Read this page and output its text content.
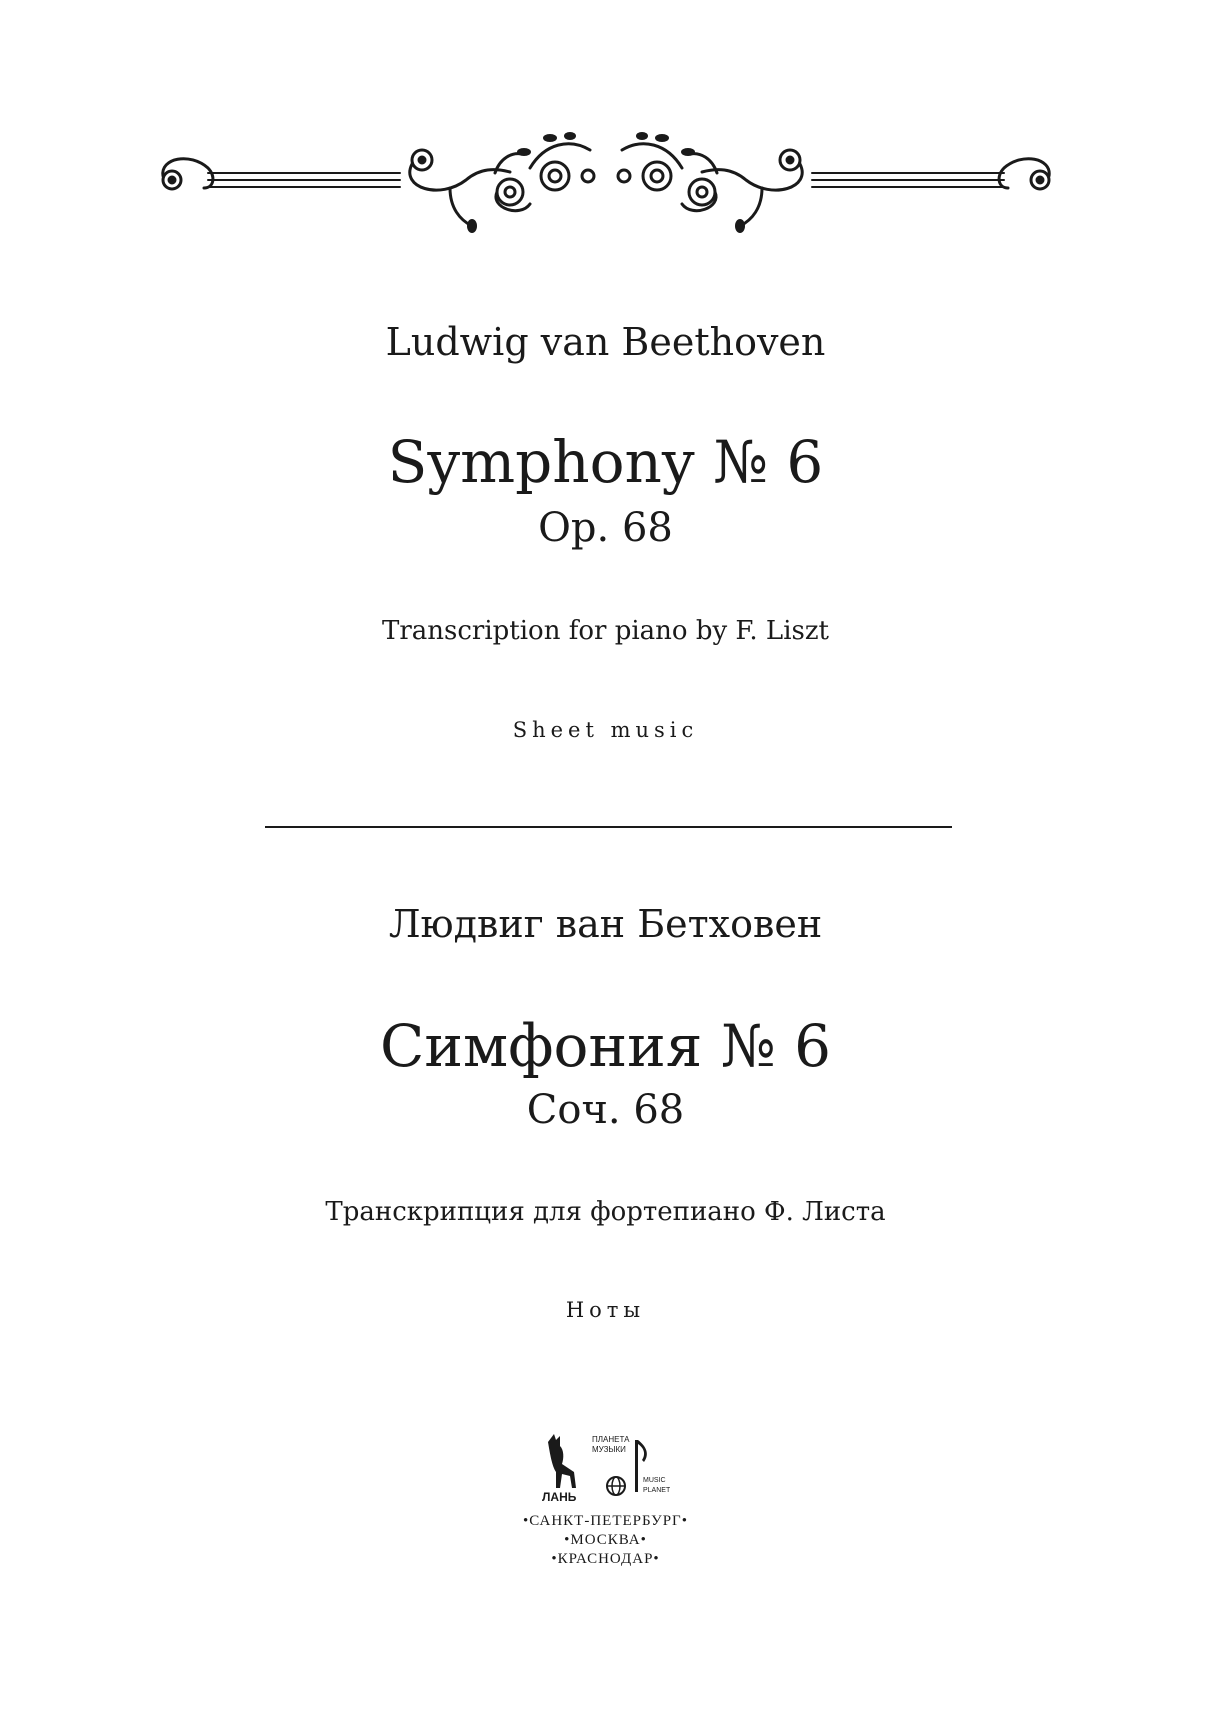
Ludwig van Beethoven
Symphony № 6
Op. 68
Transcription for piano by F. Liszt
Sheet music
Людвиг ван Бетховен
Симфония № 6
Соч. 68
Транскрипция для фортепиано Ф. Листа
Ноты
ЛАНЬ
ПЛАНЕТА
МУЗЫКИ
MUSIC
PLANET
•САНКТ-ПЕТЕРБУРГ•
•МОСКВА•
•КРАСНОДАР•
